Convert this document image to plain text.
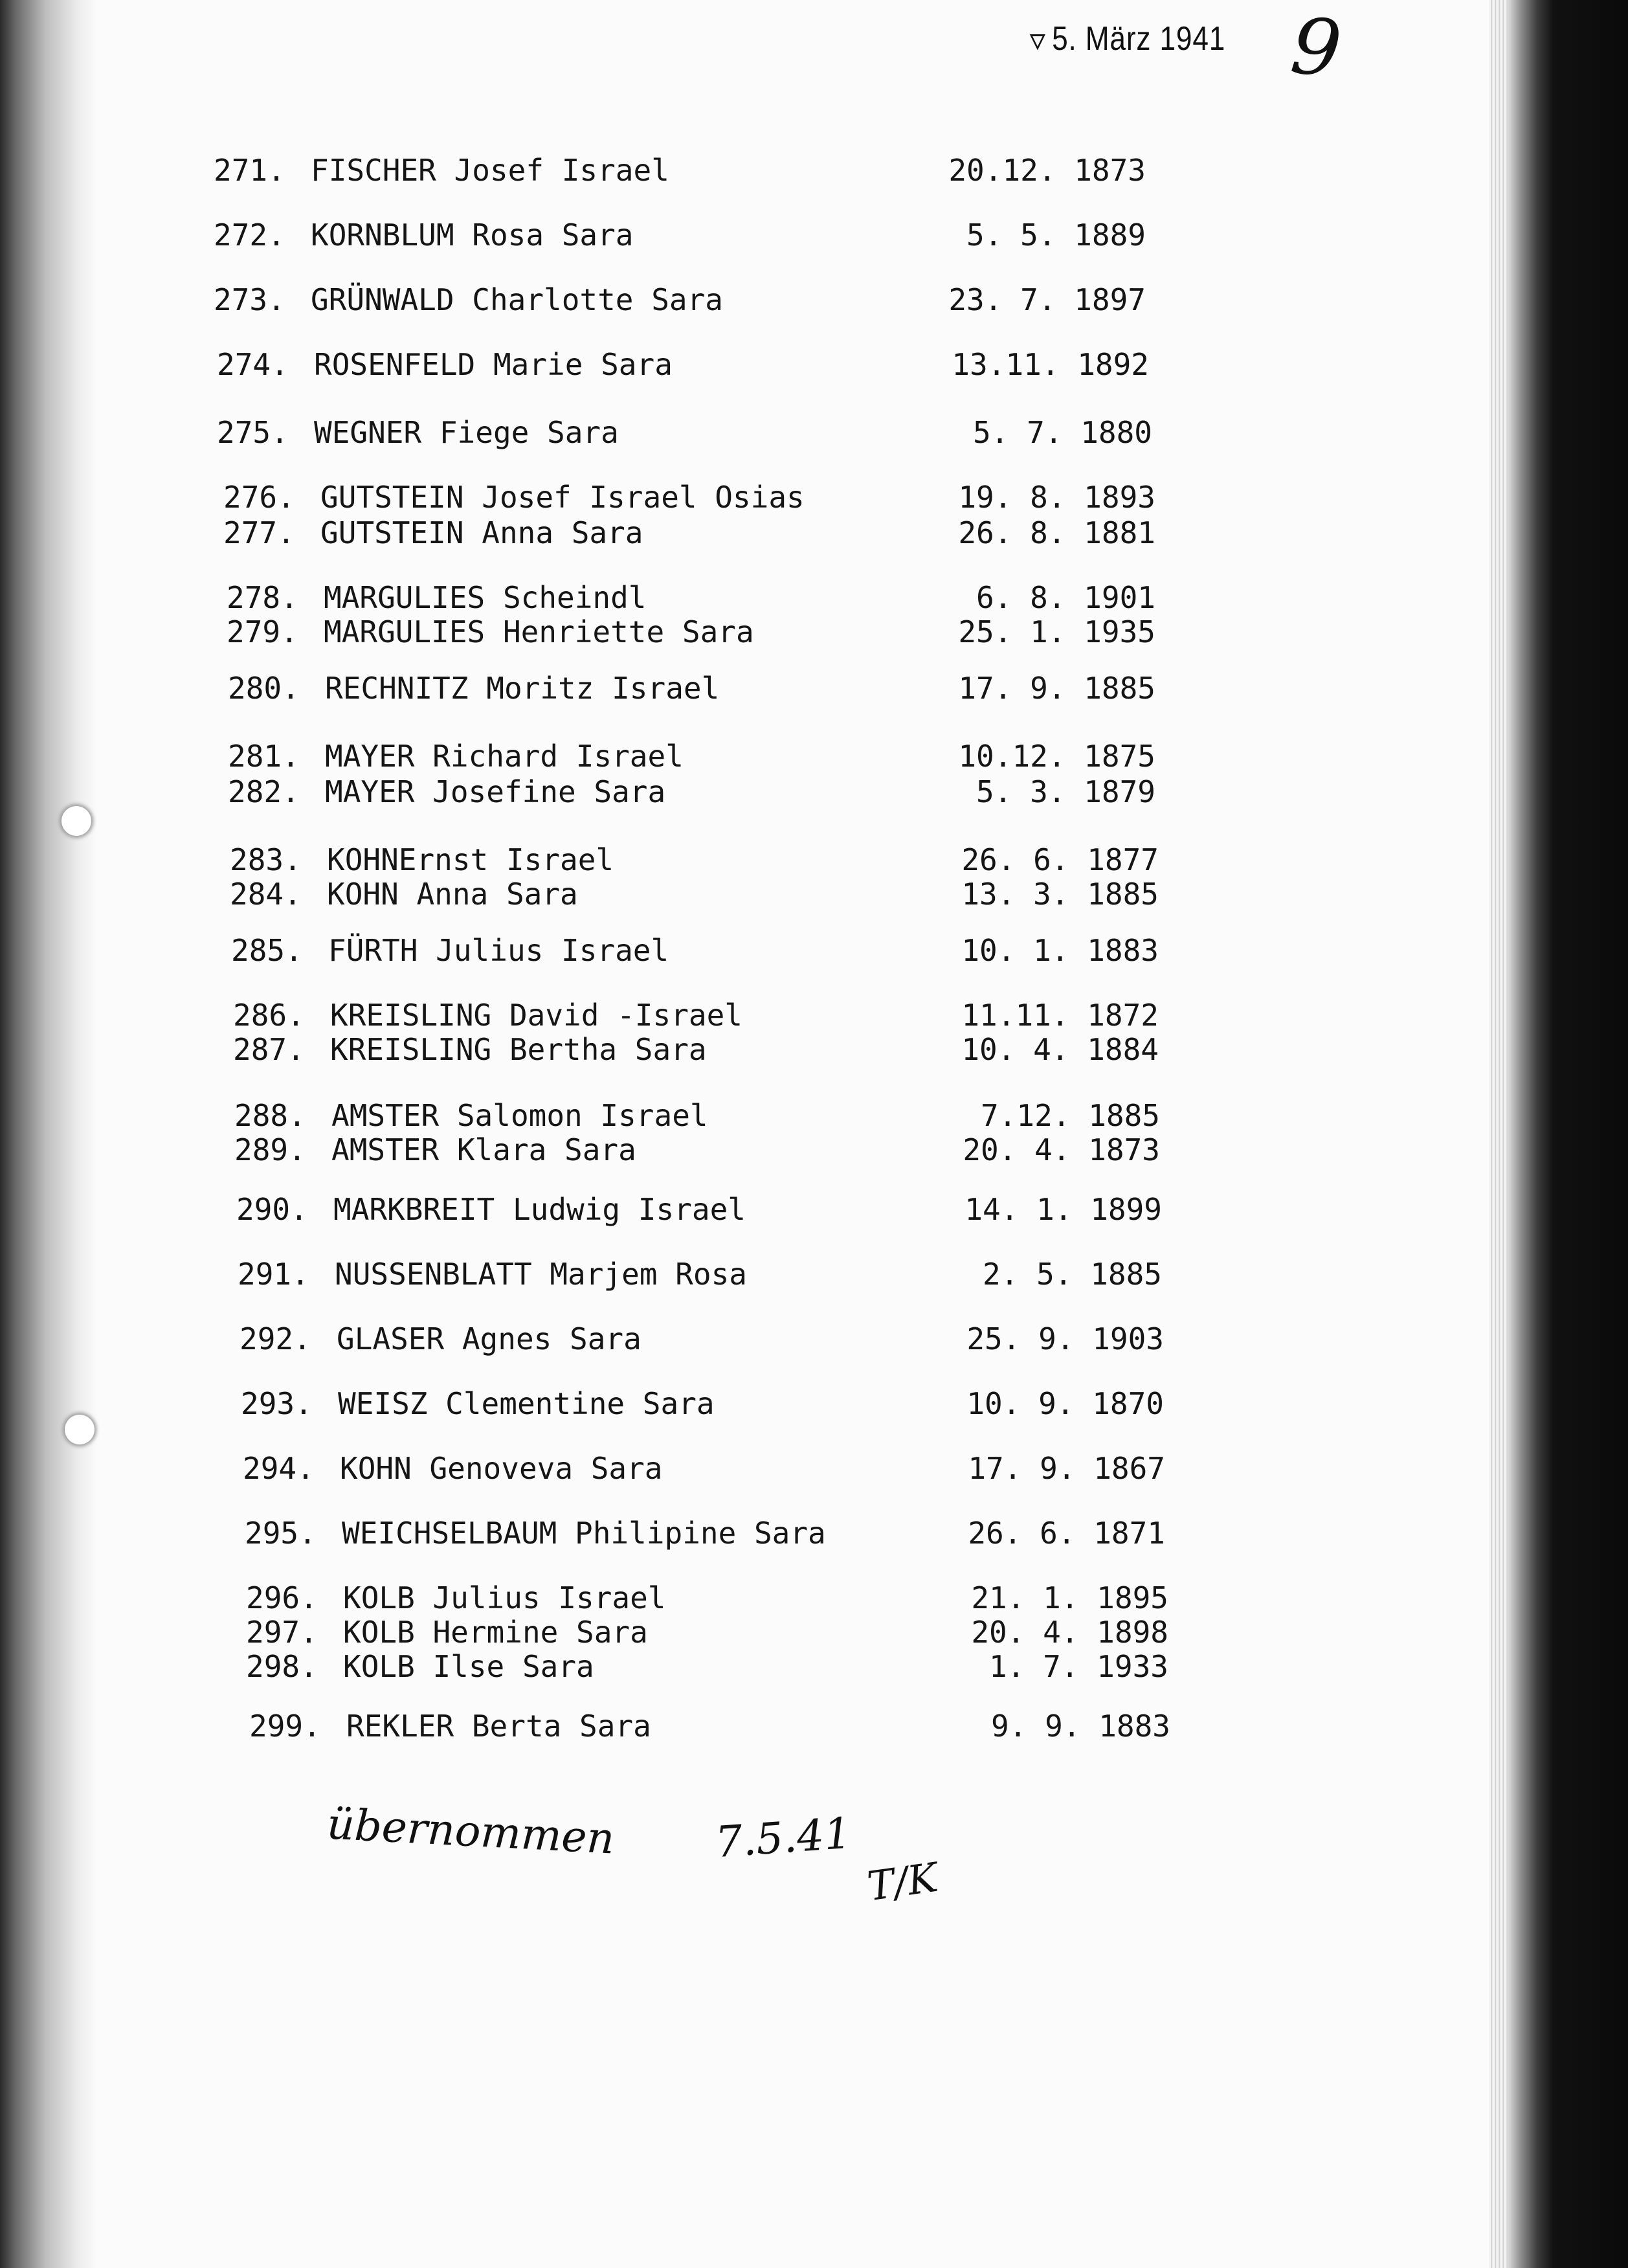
⛛ 5. März 1941 9
271. FISCHER Josef Israel	20.12. 1873
272. KORNBLUM Rosa Sara	5. 5. 1889
273. GRÜNWALD Charlotte Sara	23. 7. 1897
274. ROSENFELD Marie Sara	13.11. 1892
275. WEGNER Fiege Sara	5. 7. 1880
276. GUTSTEIN Josef Israel Osias	19. 8. 1893
277. GUTSTEIN Anna Sara	26. 8. 1881
278. MARGULIES Scheindl	6. 8. 1901
279. MARGULIES Henriette Sara	25. 1. 1935
280. RECHNITZ Moritz Israel	17. 9. 1885
281. MAYER Richard Israel	10.12. 1875
282. MAYER Josefine Sara	5. 3. 1879
283. KOHNErnst Israel	26. 6. 1877
284. KOHN Anna Sara	13. 3. 1885
285. FÜRTH Julius Israel	10. 1. 1883
286. KREISLING David -Israel	11.11. 1872
287. KREISLING Bertha Sara	10. 4. 1884
288. AMSTER Salomon Israel	7.12. 1885
289. AMSTER Klara Sara	20. 4. 1873
290. MARKBREIT Ludwig Israel	14. 1. 1899
291. NUSSENBLATT Marjem Rosa	2. 5. 1885
292. GLASER Agnes Sara	25. 9. 1903
293. WEISZ Clementine Sara	10. 9. 1870
294. KOHN Genoveva Sara	17. 9. 1867
295. WEICHSELBAUM Philipine Sara	26. 6. 1871
296. KOLB Julius Israel	21. 1. 1895
297. KOLB Hermine Sara	20. 4. 1898
298. KOLB Ilse Sara	1. 7. 1933
299. REKLER Berta Sara	9. 9. 1883
übernommen 7.5.41
T/K
